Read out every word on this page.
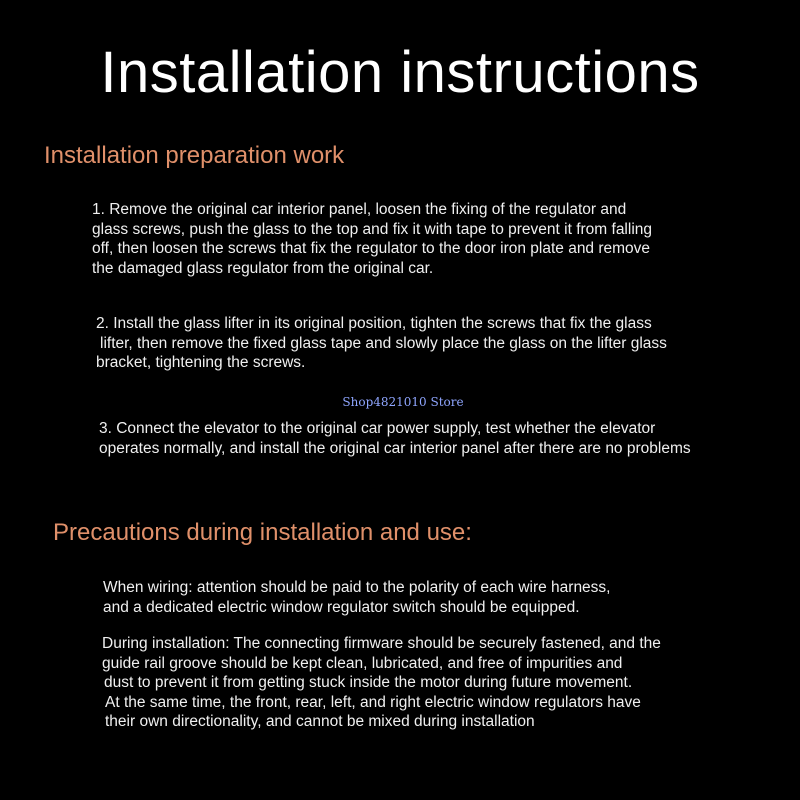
Installation instructions
Installation preparation work
1. Remove the original car interior panel, loosen the fixing of the regulator and
glass screws, push the glass to the top and fix it with tape to prevent it from falling
off, then loosen the screws that fix the regulator to the door iron plate and remove
the damaged glass regulator from the original car.
2. Install the glass lifter in its original position, tighten the screws that fix the glass
lifter, then remove the fixed glass tape and slowly place the glass on the lifter glass
bracket, tightening the screws.
Shop4821010 Store
3. Connect the elevator to the original car power supply, test whether the elevator
operates normally, and install the original car interior panel after there are no problems
Precautions during installation and use:
When wiring: attention should be paid to the polarity of each wire harness,
and a dedicated electric window regulator switch should be equipped.
During installation: The connecting firmware should be securely fastened, and the
guide rail groove should be kept clean, lubricated, and free of impurities and
dust to prevent it from getting stuck inside the motor during future movement.
At the same time, the front, rear, left, and right electric window regulators have
their own directionality, and cannot be mixed during installation
